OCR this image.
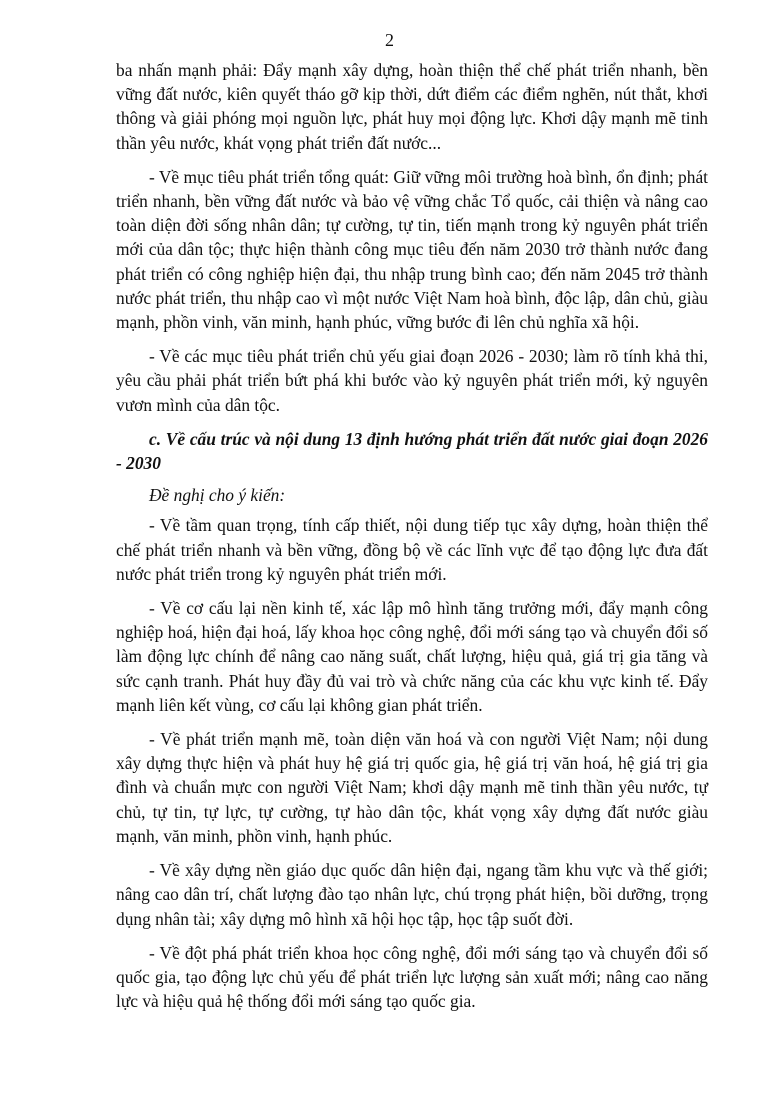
2

ba nhấn mạnh phải: Đẩy mạnh xây dựng, hoàn thiện thể chế phát triển nhanh, bền vững đất nước, kiên quyết tháo gỡ kịp thời, dứt điểm các điểm nghẽn, nút thắt, khơi thông và giải phóng mọi nguồn lực, phát huy mọi động lực. Khơi dậy mạnh mẽ tinh thần yêu nước, khát vọng phát triển đất nước...

- Về mục tiêu phát triển tổng quát: Giữ vững môi trường hoà bình, ổn định; phát triển nhanh, bền vững đất nước và bảo vệ vững chắc Tổ quốc, cải thiện và nâng cao toàn diện đời sống nhân dân; tự cường, tự tin, tiến mạnh trong kỷ nguyên phát triển mới của dân tộc; thực hiện thành công mục tiêu đến năm 2030 trở thành nước đang phát triển có công nghiệp hiện đại, thu nhập trung bình cao; đến năm 2045 trở thành nước phát triển, thu nhập cao vì một nước Việt Nam hoà bình, độc lập, dân chủ, giàu mạnh, phồn vinh, văn minh, hạnh phúc, vững bước đi lên chủ nghĩa xã hội.

- Về các mục tiêu phát triển chủ yếu giai đoạn 2026 - 2030; làm rõ tính khả thi, yêu cầu phải phát triển bứt phá khi bước vào kỷ nguyên phát triển mới, kỷ nguyên vươn mình của dân tộc.

c. Về cấu trúc và nội dung 13 định hướng phát triển đất nước giai đoạn 2026 - 2030

Đề nghị cho ý kiến:

- Về tầm quan trọng, tính cấp thiết, nội dung tiếp tục xây dựng, hoàn thiện thể chế phát triển nhanh và bền vững, đồng bộ về các lĩnh vực để tạo động lực đưa đất nước phát triển trong kỷ nguyên phát triển mới.

- Về cơ cấu lại nền kinh tế, xác lập mô hình tăng trưởng mới, đẩy mạnh công nghiệp hoá, hiện đại hoá, lấy khoa học công nghệ, đổi mới sáng tạo và chuyển đổi số làm động lực chính để nâng cao năng suất, chất lượng, hiệu quả, giá trị gia tăng và sức cạnh tranh. Phát huy đầy đủ vai trò và chức năng của các khu vực kinh tế. Đẩy mạnh liên kết vùng, cơ cấu lại không gian phát triển.

- Về phát triển mạnh mẽ, toàn diện văn hoá và con người Việt Nam; nội dung xây dựng thực hiện và phát huy hệ giá trị quốc gia, hệ giá trị văn hoá, hệ giá trị gia đình và chuẩn mực con người Việt Nam; khơi dậy mạnh mẽ tinh thần yêu nước, tự chủ, tự tin, tự lực, tự cường, tự hào dân tộc, khát vọng xây dựng đất nước giàu mạnh, văn minh, phồn vinh, hạnh phúc.

- Về xây dựng nền giáo dục quốc dân hiện đại, ngang tầm khu vực và thế giới; nâng cao dân trí, chất lượng đào tạo nhân lực, chú trọng phát hiện, bồi dưỡng, trọng dụng nhân tài; xây dựng mô hình xã hội học tập, học tập suốt đời.

- Về đột phá phát triển khoa học công nghệ, đổi mới sáng tạo và chuyển đổi số quốc gia, tạo động lực chủ yếu để phát triển lực lượng sản xuất mới; nâng cao năng lực và hiệu quả hệ thống đổi mới sáng tạo quốc gia.
